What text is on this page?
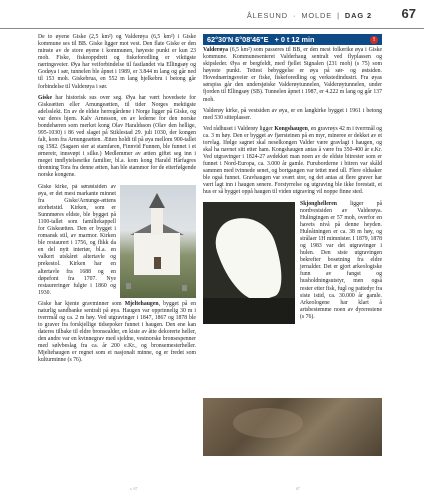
ÅLESUND · MOLDE | DAG 2 67

De to øyene Giske (2,5 km²) og Valderøya (6,5 km²) i Giske kommune ses til BB. Giske ligger mot vest. Den flate Giske er den minste av de store øyene i kommunen, høyeste punkt er kun 23 moh. Fiske, fiskeoppdrett og fiskeforedling er viktigste næringsveier. Øya har veiforbindelse til fastlandet via Ellingsøy og Godøya i sør, tunnelen ble åpnet i 1989, er 3.844 m lang og går ned til 153 moh. Giskebrua, en 552 m lang hjelkebru i betong går forbindelse til Valderøya i sør.

Giske har historisk sus over seg. Øya har vært hovedsete for Giskeætten eller Arnungeætten, til tider Norges mektigste adelsslekt. En av de eldste herregårdene i Norge ligger på Giske, og var deres hjem. Kalv Arnesson, en av lederne for den norske bondehæren som merket kong Olav Haraldsson (Olav den hellige, 995-1030) i 86 ved slaget på Stiklestad 29. juli 1030, der kongen falt, kom fra Arnungeætten. Ætten holdt til på øya mellom 900-tallet og 1582. (Sagaen sier at stamfaren, Finnvid Funnen, ble funnet i et ørnereir, innsvøpt i silke.) Medlemmer av ætten giftet seg inn i meget innflytelsesrike familier, bl.a. kom kong Harald Hårfagres dronning Tora fra denne ætten, han ble stammor for de etterfølgende norske kongene.

Giske kirke, på sørøstsiden av øya, er det mest markante minnet fra Giske/Arnunge-ættens storhetstid. Kirken, som er Sunnmøres eldste, ble bygget på 1100-tallet som familiekappell for Giskeætten. Den er bygget i romansk stil, av marmor. Kirken ble restaurert i 1756, og flikk da en del nytt interiør, bl.a. en valkert utskåret altertavle og prekestol. Kirken har en altertavle fra 1688 og en døpefont fra 1707. Nye restaureringer fulgte i 1860 og 1930.

Giske har kjente gravminner som Mjeltehaugen, bygget på en naturlig sandbanke sentralt på øya. Haugen var opprinnelig 30 m i tverrmål og ca. 2 m høy. Ved utgravinger i 1847, 1867 og 1878 ble to graver fra forskjellige tidsepoker funnet i haugen. Den ene kan dateres tilbake til eldre bronsealder, en kiste av åtte dekorerte heller, den andre var en kvinnegrav med sjeldne, vestnorske bronsespenner med sølvbeslag fra ca. år 200 e.Kr., og bronsemesterheller. Mjeltehaugen er regnet som et nasjonalt minne, og er fredet som kulturminne (s 76).

62°30'N 6°08'46"E + 0 t 12 min	!

Valderøya (6,5 km²) som passeres til BB, er den mest folkerike øya i Giske kommune. Kommunesenteret Valderhaug sentralt ved flyplassen og skipsleder. Øya er bergfeldt, med fjellet Signalen (231 moh) (s 75) som høyeste punkt. Tettest bebyggelse er øya på sør- og østsiden. Hovednæringsveier er fiske, fiskeforedling og verkstedindustri. Fra øyas sørspiss går den undersjøiske Valderøytunnelen, Valderøytunnelen, under fjorden til Ellingsøy (SB). Tunnelen åpnet i 1987, er 4.222 m lang og går 137 moh.

Valderøy kirke, på vestsiden av øya, er en langkirke bygget i 1961 i betong med 530 sitteplasser.

Ved rådhuset i Valderøy ligger Kongshaugen, en gravrøys 42 m i tverrmål og ca. 3 m høy. Den er bygget av fjærsteinen på en myr, mineree er dekket av et torvlag. Ifølge sagnet skal neselkongen Valder være gravlagt i haugen, og skal ha navnet sitt etter ham. Kongshaugen antas å være fra 350-400 år e.Kr. Ved utgravinger i 1824-27 avdekket man noen av de eldste bitrester som er funnet i Nord-Europa, ca. 3.000 år gamle. Furuborderne i bitren var skåld sammen med tvinnede senet, og bortgangen var tettet med ull. Flere oldsaker ble også funnet. Gravhaugen var svært stor, og det antas at flere graver har vært lagt inn i haugen senere. Forstyrrelse og utgraving ble ikke forestatt, et hus er så bygget oppå haugen til viden utgraving vil noppe finne sted.

Skjonghelleren ligger på nordvestsiden av Valderøya. Hulingingen er 57 moh, overfor en havets nivå på denne heyden. Huleåtningen er ca. 38 m høy, og strålaer 1H mimnister. I 1879, 1878 og 1983 var det utgravinger i hulen. Den siste utgravingen bekrefter bosetning fra eldre jernalder. Det er gjort arkeologiske funn av fangst og husholdningsutstyr, men også rester etter fisk, fugl og pattedyr fra siste istid, ca. 30.000 år gamle. Arkeologene har klart å artsbestemme noen av dyrerestene (s 76).

s. 67	67
